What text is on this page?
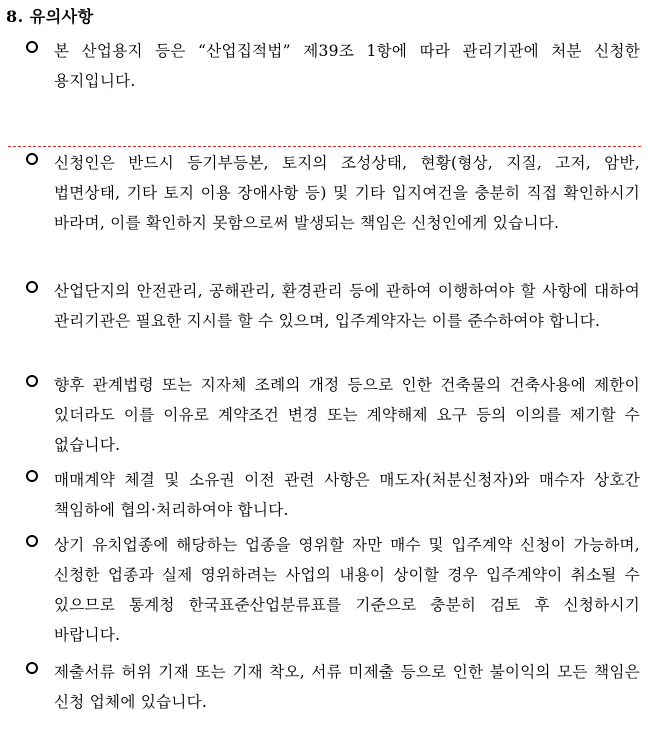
8. 유의사항
본 산업용지 등은 “산업집적법” 제39조 1항에 따라 관리기관에 처분 신청한 용지입니다.
신청인은 반드시 등기부등본, 토지의 조성상태, 현황(형상, 지질, 고저, 암반, 법면상태, 기타 토지 이용 장애사항 등) 및 기타 입지여건을 충분히 직접 확인하시기 바라며, 이를 확인하지 못함으로써 발생되는 책임은 신청인에게 있습니다.
산업단지의 안전관리, 공해관리, 환경관리 등에 관하여 이행하여야 할 사항에 대하여 관리기관은 필요한 지시를 할 수 있으며, 입주계약자는 이를 준수하여야 합니다.
향후 관계법령 또는 지자체 조례의 개정 등으로 인한 건축물의 건축사용에 제한이 있더라도 이를 이유로 계약조건 변경 또는 계약해제 요구 등의 이의를 제기할 수 없습니다.
매매계약 체결 및 소유권 이전 관련 사항은 매도자(처분신청자)와 매수자 상호간 책임하에 협의·처리하여야 합니다.
상기 유치업종에 해당하는 업종을 영위할 자만 매수 및 입주계약 신청이 가능하며, 신청한 업종과 실제 영위하려는 사업의 내용이 상이할 경우 입주계약이 취소될 수 있으므로 통계청 한국표준산업분류표를 기준으로 충분히 검토 후 신청하시기 바랍니다.
제출서류 허위 기재 또는 기재 착오, 서류 미제출 등으로 인한 불이익의 모든 책임은 신청 업체에 있습니다.
